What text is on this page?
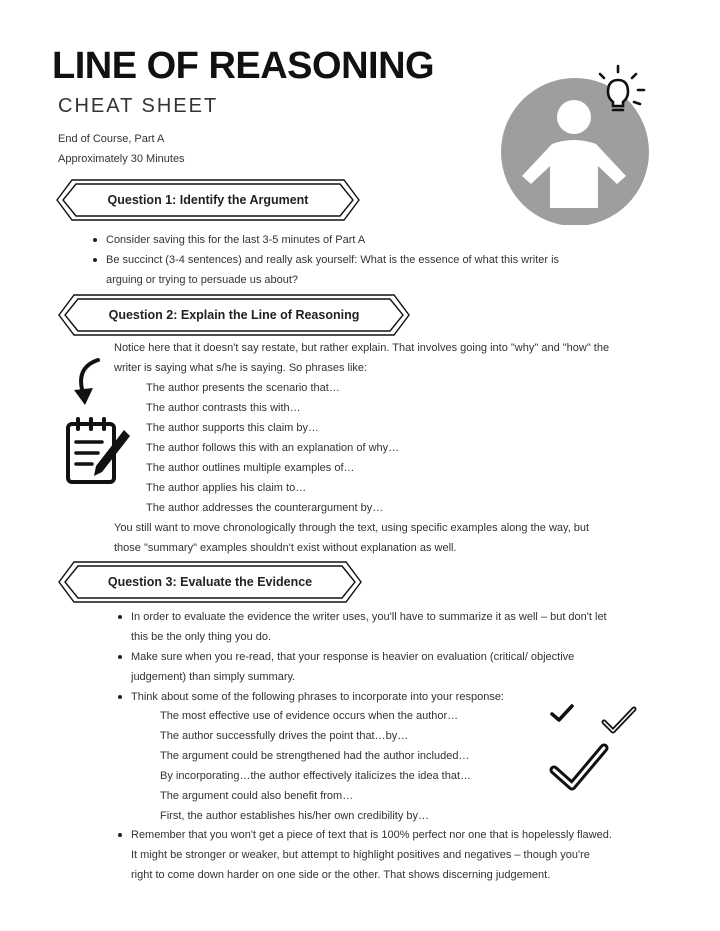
LINE OF REASONING
CHEAT SHEET
End of Course, Part A
Approximately 30 Minutes
Question 1: Identify the Argument
Consider saving this for the last 3-5 minutes of Part A
Be succinct (3-4 sentences) and really ask yourself: What is the essence of what this writer is
arguing or trying to persuade us about?
Question 2: Explain the Line of Reasoning
Notice here that it doesn't say restate, but rather explain. That involves going into "why" and "how" the
writer is saying what s/he is saying. So phrases like:
The author presents the scenario that…
The author contrasts this with…
The author supports this claim by…
The author follows this with an explanation of why…
The author outlines multiple examples of…
The author applies his claim to…
The author addresses the counterargument by…
You still want to move chronologically through the text, using specific examples along the way, but
those "summary" examples shouldn't exist without explanation as well.
Question 3: Evaluate the Evidence
In order to evaluate the evidence the writer uses, you'll have to summarize it as well – but don't let
this be the only thing you do.
Make sure when you re-read, that your response is heavier on evaluation (critical/ objective
judgement) than simply summary.
Think about some of the following phrases to incorporate into your response:
The most effective use of evidence occurs when the author…
The author successfully drives the point that…by…
The argument could be strengthened had the author included…
By incorporating…the author effectively italicizes the idea that…
The argument could also benefit from…
First, the author establishes his/her own credibility by…
Remember that you won't get a piece of text that is 100% perfect nor one that is hopelessly flawed.
It might be stronger or weaker, but attempt to highlight positives and negatives – though you're
right to come down harder on one side or the other. That shows discerning judgement.
